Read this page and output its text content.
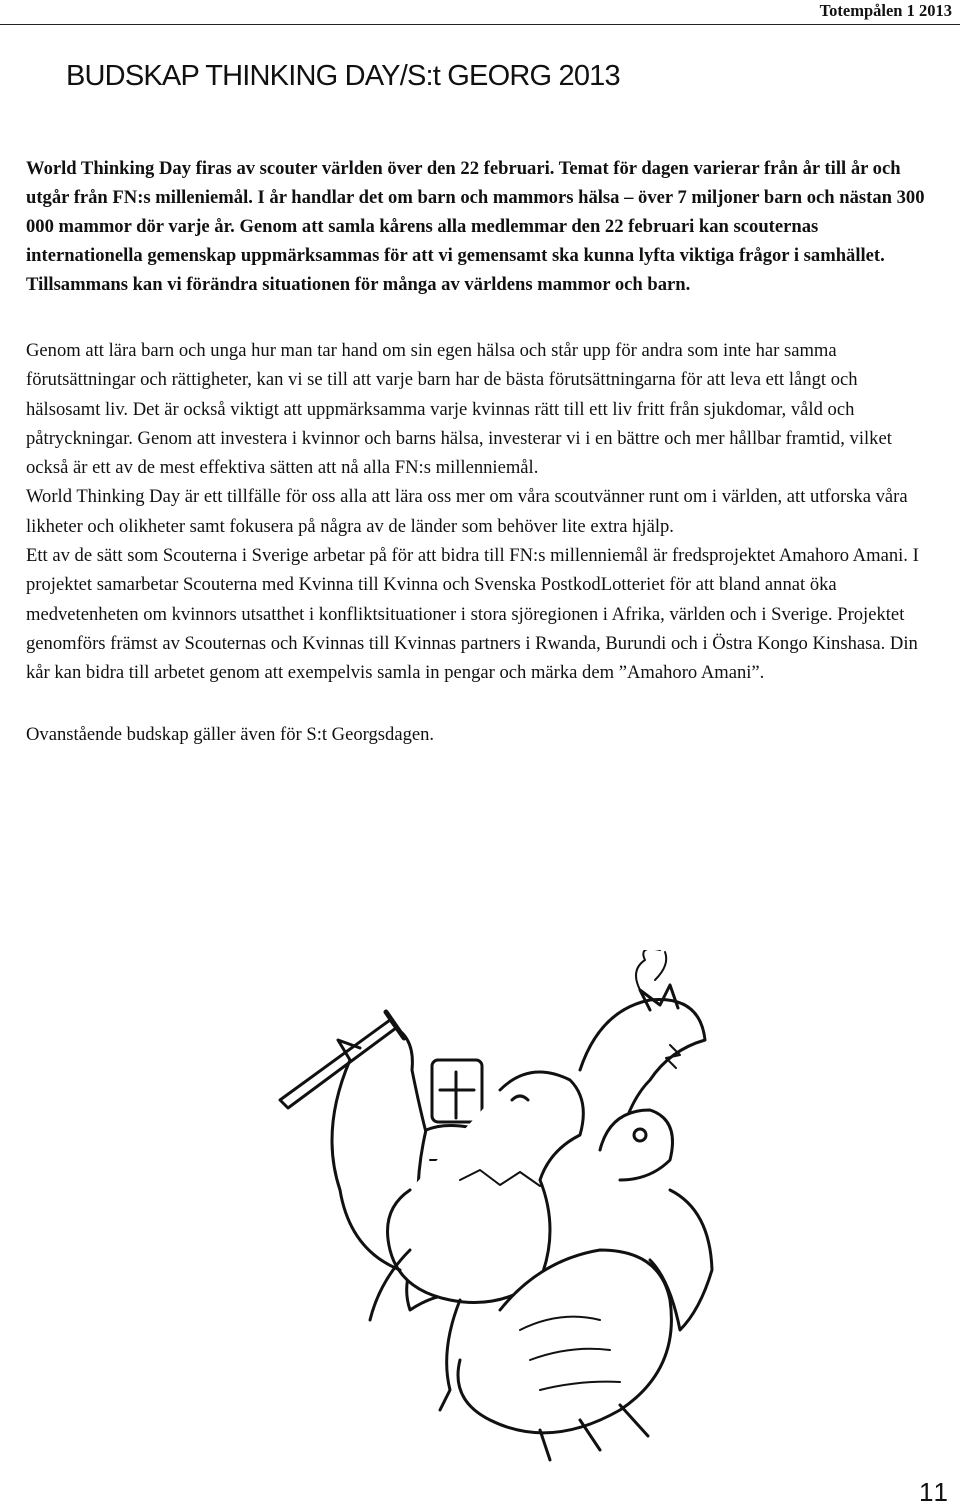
Totempålen 1 2013
BUDSKAP THINKING DAY/S:t GEORG 2013

World Thinking Day firas av scouter världen över den 22 februari. Temat för dagen varierar från år till år och utgår från FN:s milleniemål. I år handlar det om barn och mammors hälsa – över 7 miljoner barn och nästan 300 000 mammor dör varje år. Genom att samla kårens alla medlemmar den 22 februari kan scouternas internationella gemenskap uppmärksammas för att vi gemensamt ska kunna lyfta viktiga frågor i samhället. Tillsammans kan vi förändra situationen för många av världens mammor och barn.

Genom att lära barn och unga hur man tar hand om sin egen hälsa och står upp för andra som inte har samma förutsättningar och rättigheter, kan vi se till att varje barn har de bästa förutsättningarna för att leva ett långt och hälsosamt liv. Det är också viktigt att uppmärksamma varje kvinnas rätt till ett liv fritt från sjukdomar, våld och påtryckningar. Genom att investera i kvinnor och barns hälsa, investerar vi i en bättre och mer hållbar framtid, vilket också är ett av de mest effektiva sätten att nå alla FN:s millenniemål.

World Thinking Day är ett tillfälle för oss alla att lära oss mer om våra scoutvänner runt om i världen, att utforska våra likheter och olikheter samt fokusera på några av de länder som behöver lite extra hjälp.

Ett av de sätt som Scouterna i Sverige arbetar på för att bidra till FN:s millenniemål är fredsprojektet Amahoro Amani. I projektet samarbetar Scouterna med Kvinna till Kvinna och Svenska PostkodLotteriet för att bland annat öka medvetenheten om kvinnors utsatthet i konfliktsituationer i stora sjöregionen i Afrika, världen och i Sverige. Projektet genomförs främst av Scouternas och Kvinnas till Kvinnas partners i Rwanda, Burundi och i Östra Kongo Kinshasa. Din kår kan bidra till arbetet genom att exempelvis samla in pengar och märka dem ”Amahoro Amani”.

Ovanstående budskap gäller även för S:t Georgsdagen.

11
